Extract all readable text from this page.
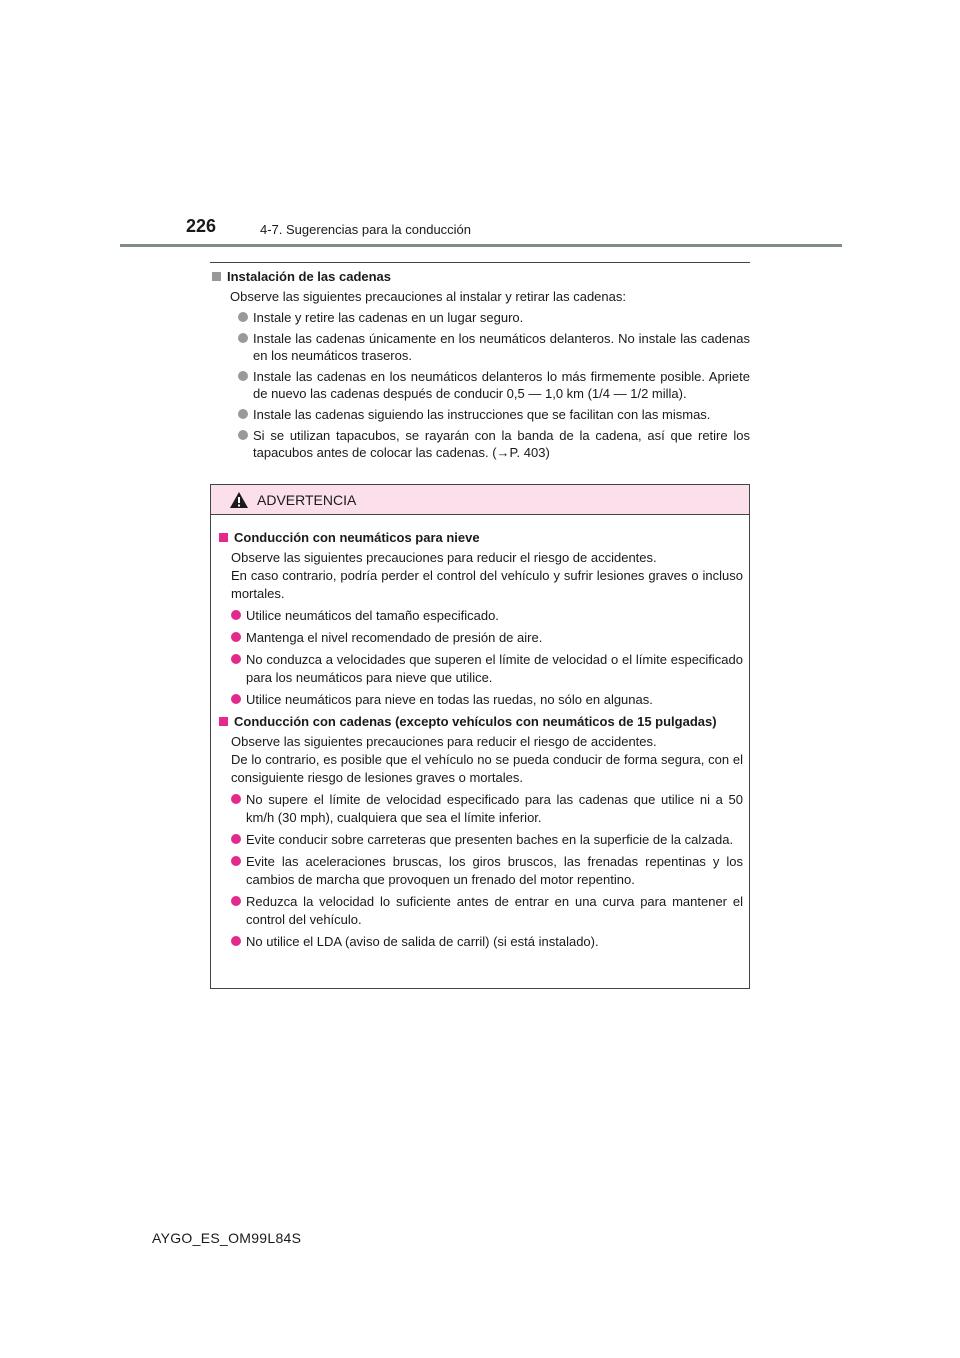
226	4-7. Sugerencias para la conducción
Instalación de las cadenas
Observe las siguientes precauciones al instalar y retirar las cadenas:
Instale y retire las cadenas en un lugar seguro.
Instale las cadenas únicamente en los neumáticos delanteros. No instale las cadenas en los neumáticos traseros.
Instale las cadenas en los neumáticos delanteros lo más firmemente posible. Apriete de nuevo las cadenas después de conducir 0,5 — 1,0 km (1/4 — 1/2 milla).
Instale las cadenas siguiendo las instrucciones que se facilitan con las mismas.
Si se utilizan tapacubos, se rayarán con la banda de la cadena, así que retire los tapacubos antes de colocar las cadenas. (→P. 403)
ADVERTENCIA
Conducción con neumáticos para nieve
Observe las siguientes precauciones para reducir el riesgo de accidentes.
En caso contrario, podría perder el control del vehículo y sufrir lesiones graves o incluso mortales.
Utilice neumáticos del tamaño especificado.
Mantenga el nivel recomendado de presión de aire.
No conduzca a velocidades que superen el límite de velocidad o el límite especificado para los neumáticos para nieve que utilice.
Utilice neumáticos para nieve en todas las ruedas, no sólo en algunas.
Conducción con cadenas (excepto vehículos con neumáticos de 15 pulgadas)
Observe las siguientes precauciones para reducir el riesgo de accidentes.
De lo contrario, es posible que el vehículo no se pueda conducir de forma segura, con el consiguiente riesgo de lesiones graves o mortales.
No supere el límite de velocidad especificado para las cadenas que utilice ni a 50 km/h (30 mph), cualquiera que sea el límite inferior.
Evite conducir sobre carreteras que presenten baches en la superficie de la calzada.
Evite las aceleraciones bruscas, los giros bruscos, las frenadas repentinas y los cambios de marcha que provoquen un frenado del motor repentino.
Reduzca la velocidad lo suficiente antes de entrar en una curva para mantener el control del vehículo.
No utilice el LDA (aviso de salida de carril) (si está instalado).
AYGO_ES_OM99L84S
